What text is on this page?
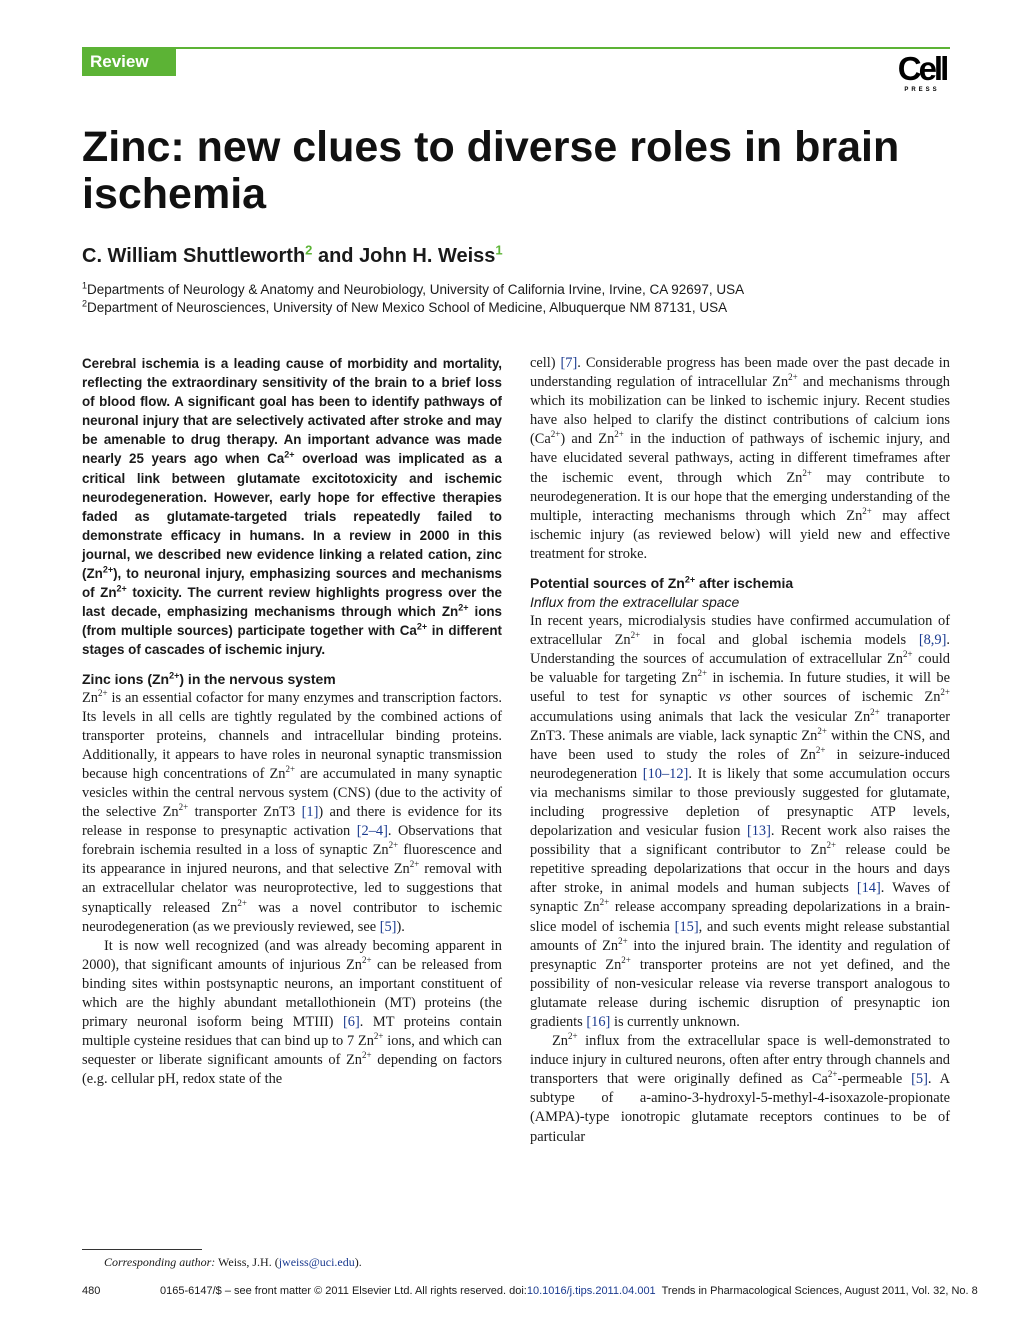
Review	Cell
PRESS
Zinc: new clues to diverse roles in brain ischemia
C. William Shuttleworth$^2$ and John H. Weiss$^1$
$^1$Departments of Neurology & Anatomy and Neurobiology, University of California Irvine, Irvine, CA 92697, USA
$^2$Department of Neurosciences, University of New Mexico School of Medicine, Albuquerque NM 87131, USA

Cerebral ischemia is a leading cause of morbidity and mortality, reflecting the extraordinary sensitivity of the brain to a brief loss of blood flow. A significant goal has been to identify pathways of neuronal injury that are selectively activated after stroke and may be amenable to drug therapy. An important advance was made nearly 25 years ago when $Ca^{2+}$ overload was implicated as a critical link between glutamate excitotoxicity and ischemic neurodegeneration. However, early hope for effective therapies faded as glutamate-targeted trials repeatedly failed to demonstrate efficacy in humans. In a review in 2000 in this journal, we described new evidence linking a related cation, zinc $(Zn^{2+})$, to neuronal injury, emphasizing sources and mechanisms of $Zn^{2+}$ toxicity. The current review highlights progress over the last decade, emphasizing mechanisms through which $Zn^{2+}$ ions (from multiple sources) participate together with $Ca^{2+}$ in different stages of cascades of ischemic injury.

Zinc ions $(Zn^{2+})$ in the nervous system

$Zn^{2+}$ is an essential cofactor for many enzymes and transcription factors. Its levels in all cells are tightly regulated by the combined actions of transporter proteins, channels and intracellular binding proteins. Additionally, it appears to have roles in neuronal synaptic transmission because high concentrations of $Zn^{2+}$ are accumulated in many synaptic vesicles within the central nervous system (CNS) (due to the activity of the selective $Zn^{2+}$ transporter ZnT3 [1]) and there is evidence for its release in response to presynaptic activation [2–4]. Observations that forebrain ischemia resulted in a loss of synaptic $Zn^{2+}$ fluorescence and its appearance in injured neurons, and that selective $Zn^{2+}$ removal with an extracellular chelator was neuroprotective, led to suggestions that synaptically released $Zn^{2+}$ was a novel contributor to ischemic neurodegeneration (as we previously reviewed, see [5]).

It is now well recognized (and was already becoming apparent in 2000), that significant amounts of injurious $Zn^{2+}$ can be released from binding sites within postsynaptic neurons, an important constituent of which are the highly abundant metallothionein (MT) proteins (the primary neuronal isoform being MTIII) [6]. MT proteins contain multiple cysteine residues that can bind up to 7 $Zn^{2+}$ ions, and which can sequester or liberate significant amounts of $Zn^{2+}$ depending on factors (e.g. cellular pH, redox state of the

cell) [7]. Considerable progress has been made over the past decade in understanding regulation of intracellular $Zn^{2+}$ and mechanisms through which its mobilization can be linked to ischemic injury. Recent studies have also helped to clarify the distinct contributions of calcium ions $(Ca^{2+})$ and $Zn^{2+}$ in the induction of pathways of ischemic injury, and have elucidated several pathways, acting in different timeframes after the ischemic event, through which $Zn^{2+}$ may contribute to neurodegeneration. It is our hope that the emerging understanding of the multiple, interacting mechanisms through which $Zn^{2+}$ may affect ischemic injury (as reviewed below) will yield new and effective treatment for stroke.

Potential sources of $Zn^{2+}$ after ischemia

Influx from the extracellular space

In recent years, microdialysis studies have confirmed accumulation of extracellular $Zn^{2+}$ in focal and global ischemia models [8,9]. Understanding the sources of accumulation of extracellular $Zn^{2+}$ could be valuable for targeting $Zn^{2+}$ in ischemia. In future studies, it will be useful to test for synaptic vs other sources of ischemic $Zn^{2+}$ accumulations using animals that lack the vesicular $Zn^{2+}$ tranaporter ZnT3. These animals are viable, lack synaptic $Zn^{2+}$ within the CNS, and have been used to study the roles of $Zn^{2+}$ in seizure-induced neurodegeneration [10–12]. It is likely that some accumulation occurs via mechanisms similar to those previously suggested for glutamate, including progressive depletion of presynaptic ATP levels, depolarization and vesicular fusion [13]. Recent work also raises the possibility that a significant contributor to $Zn^{2+}$ release could be repetitive spreading depolarizations that occur in the hours and days after stroke, in animal models and human subjects [14]. Waves of synaptic $Zn^{2+}$ release accompany spreading depolarizations in a brain-slice model of ischemia [15], and such events might release substantial amounts of $Zn^{2+}$ into the injured brain. The identity and regulation of presynaptic $Zn^{2+}$ transporter proteins are not yet defined, and the possibility of non-vesicular release via reverse transport analogous to glutamate release during ischemic disruption of presynaptic ion gradients [16] is currently unknown.

$Zn^{2+}$ influx from the extracellular space is well-demonstrated to induce injury in cultured neurons, often after entry through channels and transporters that were originally defined as $Ca^{2+}$-permeable [5]. A subtype of a-amino-3-hydroxyl-5-methyl-4-isoxazole-propionate (AMPA)-type ionotropic glutamate receptors continues to be of particular

Corresponding author: Weiss, J.H. (jweiss@uci.edu).
480	0165-6147/$ – see front matter © 2011 Elsevier Ltd. All rights reserved. doi:10.1016/j.tips.2011.04.001 Trends in Pharmacological Sciences, August 2011, Vol. 32, No. 8
